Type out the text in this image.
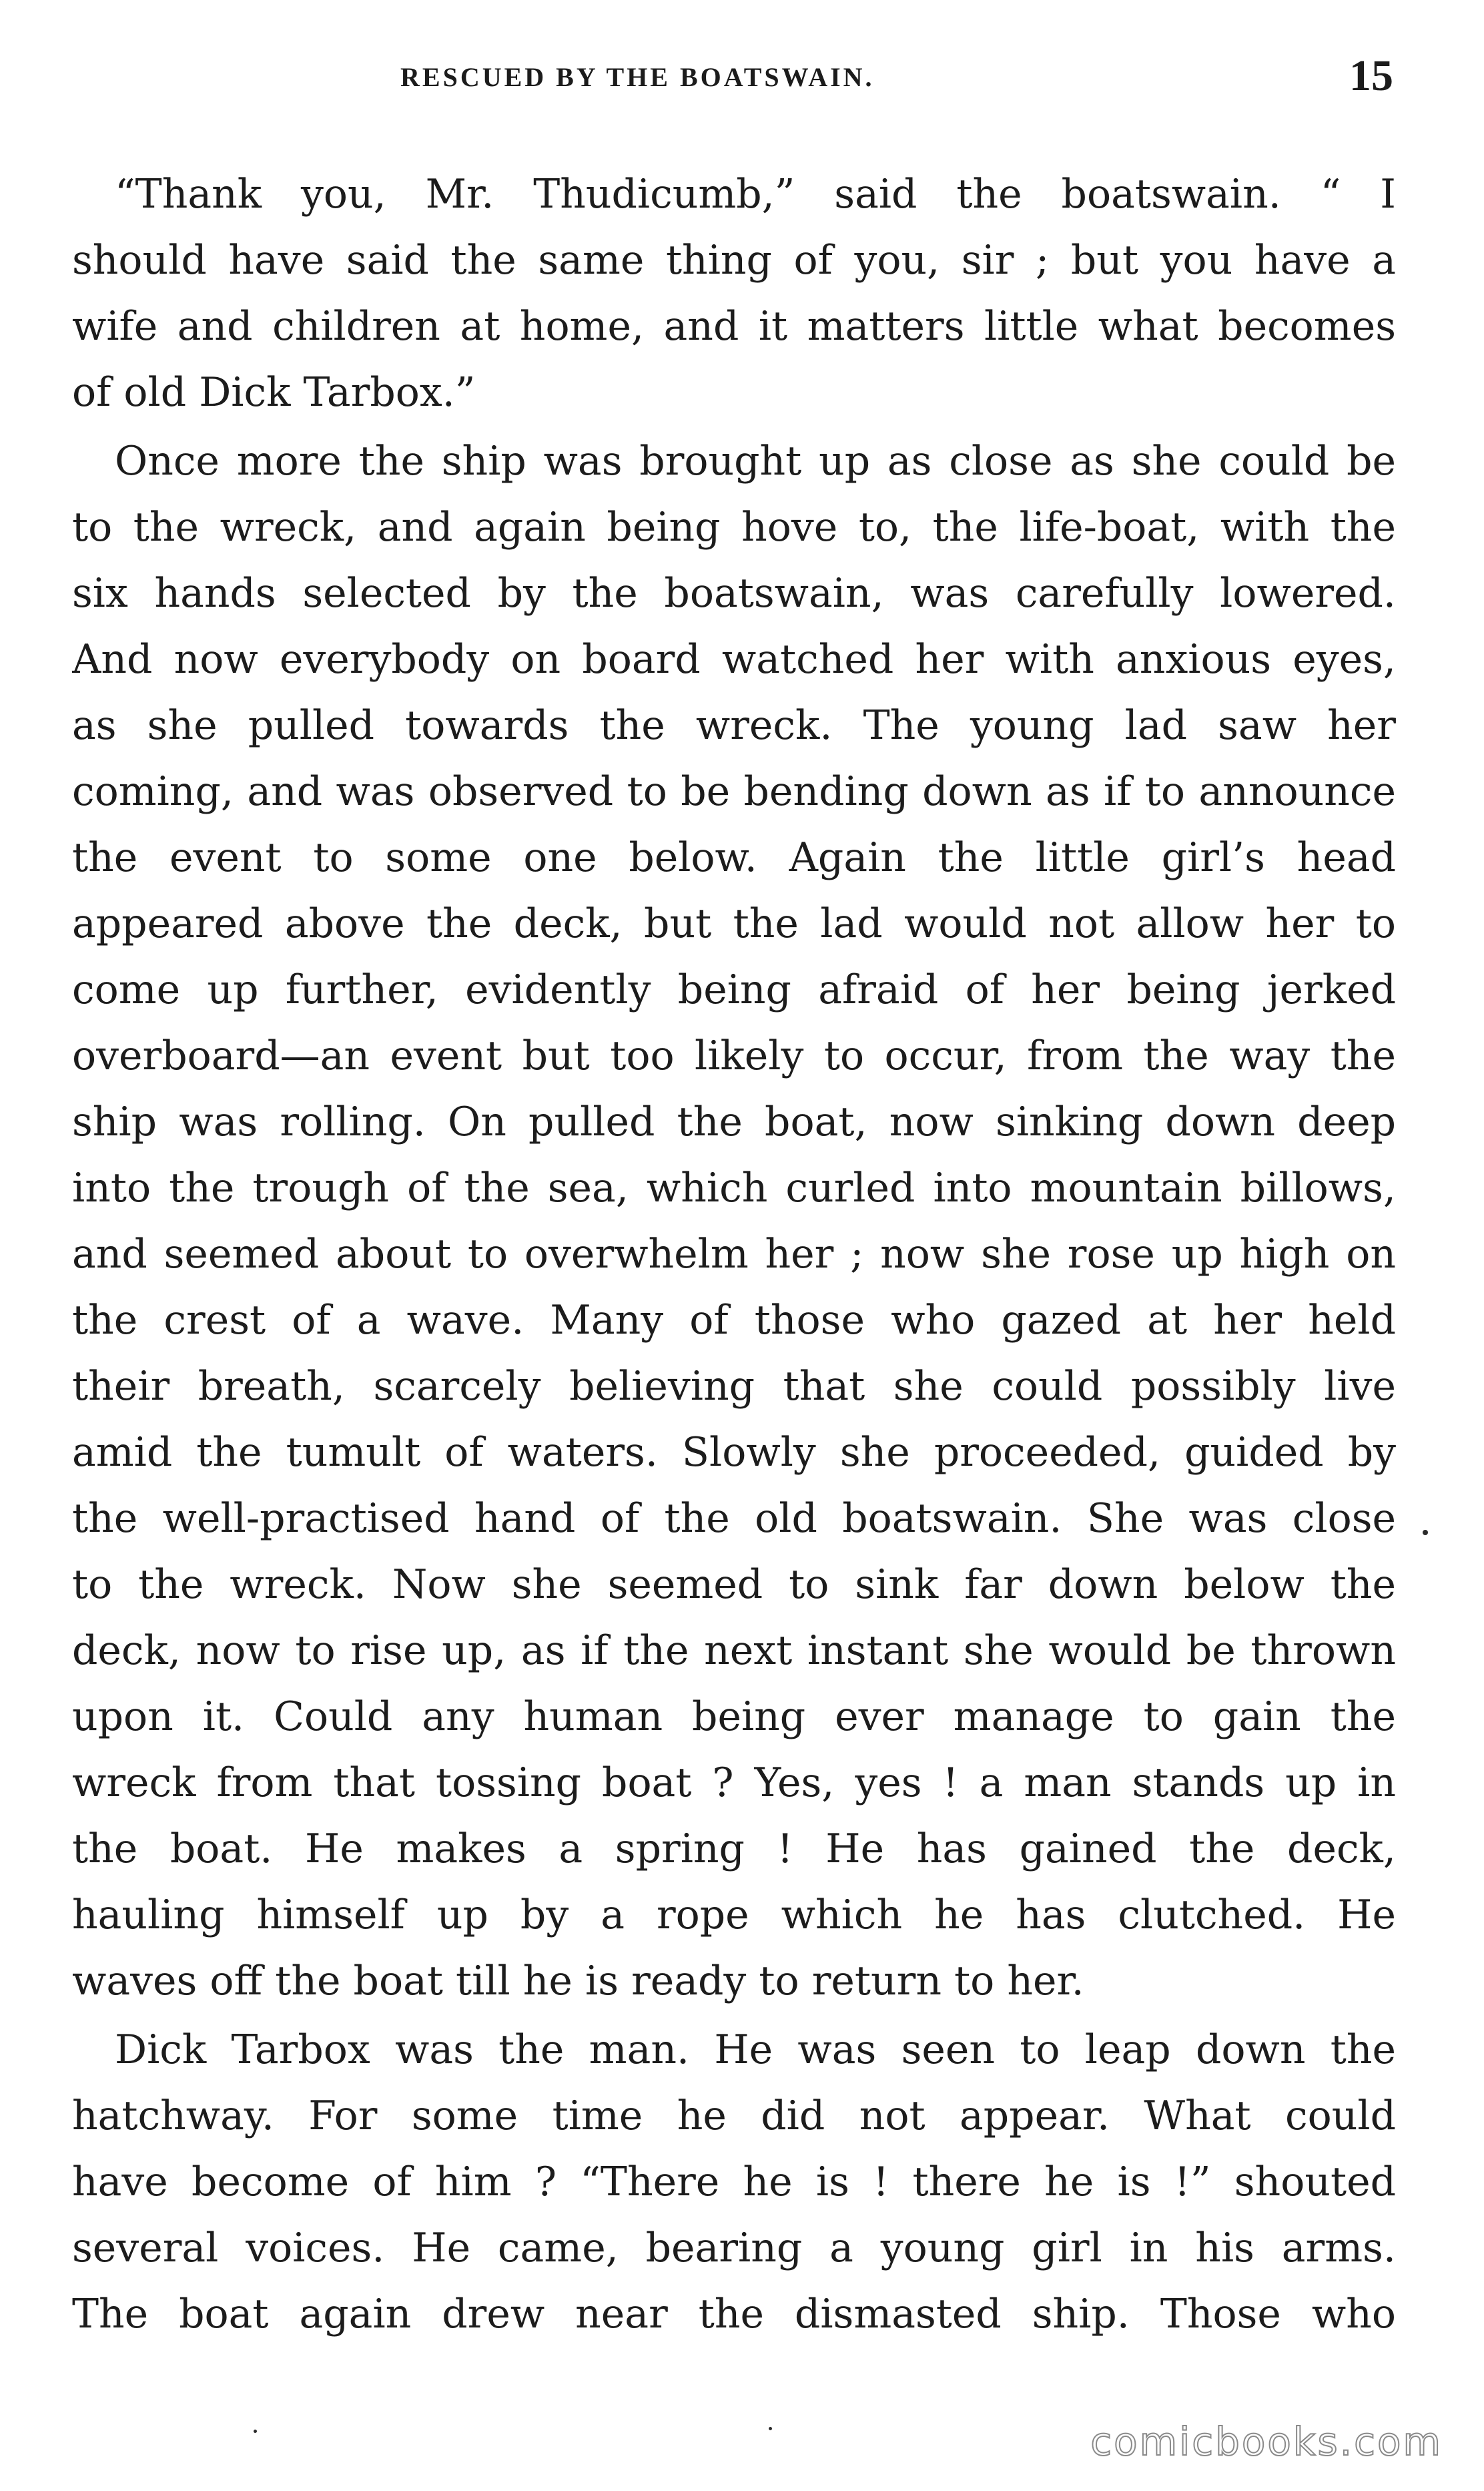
RESCUED BY THE BOATSWAIN.	15
“Thank you, Mr. Thudicumb,” said the boatswain. “ I
should have said the same thing of you, sir ; but you have a
wife and children at home, and it matters little what becomes
of old Dick Tarbox.”
Once more the ship was brought up as close as she could be
to the wreck, and again being hove to, the life-boat, with the
six hands selected by the boatswain, was carefully lowered.
And now everybody on board watched her with anxious eyes,
as she pulled towards the wreck. The young lad saw her
coming, and was observed to be bending down as if to announce
the event to some one below. Again the little girl’s head
appeared above the deck, but the lad would not allow her to
come up further, evidently being afraid of her being jerked
overboard—an event but too likely to occur, from the way the
ship was rolling. On pulled the boat, now sinking down deep
into the trough of the sea, which curled into mountain billows,
and seemed about to overwhelm her ; now she rose up high on
the crest of a wave. Many of those who gazed at her held
their breath, scarcely believing that she could possibly live
amid the tumult of waters. Slowly she proceeded, guided by
the well-practised hand of the old boatswain. She was close
to the wreck. Now she seemed to sink far down below the
deck, now to rise up, as if the next instant she would be thrown
upon it. Could any human being ever manage to gain the
wreck from that tossing boat ? Yes, yes ! a man stands up in
the boat. He makes a spring ! He has gained the deck,
hauling himself up by a rope which he has clutched. He
waves off the boat till he is ready to return to her.
Dick Tarbox was the man. He was seen to leap down the
hatchway. For some time he did not appear. What could
have become of him ? “There he is ! there he is !” shouted
several voices. He came, bearing a young girl in his arms.
The boat again drew near the dismasted ship. Those who
comicbooks.com
